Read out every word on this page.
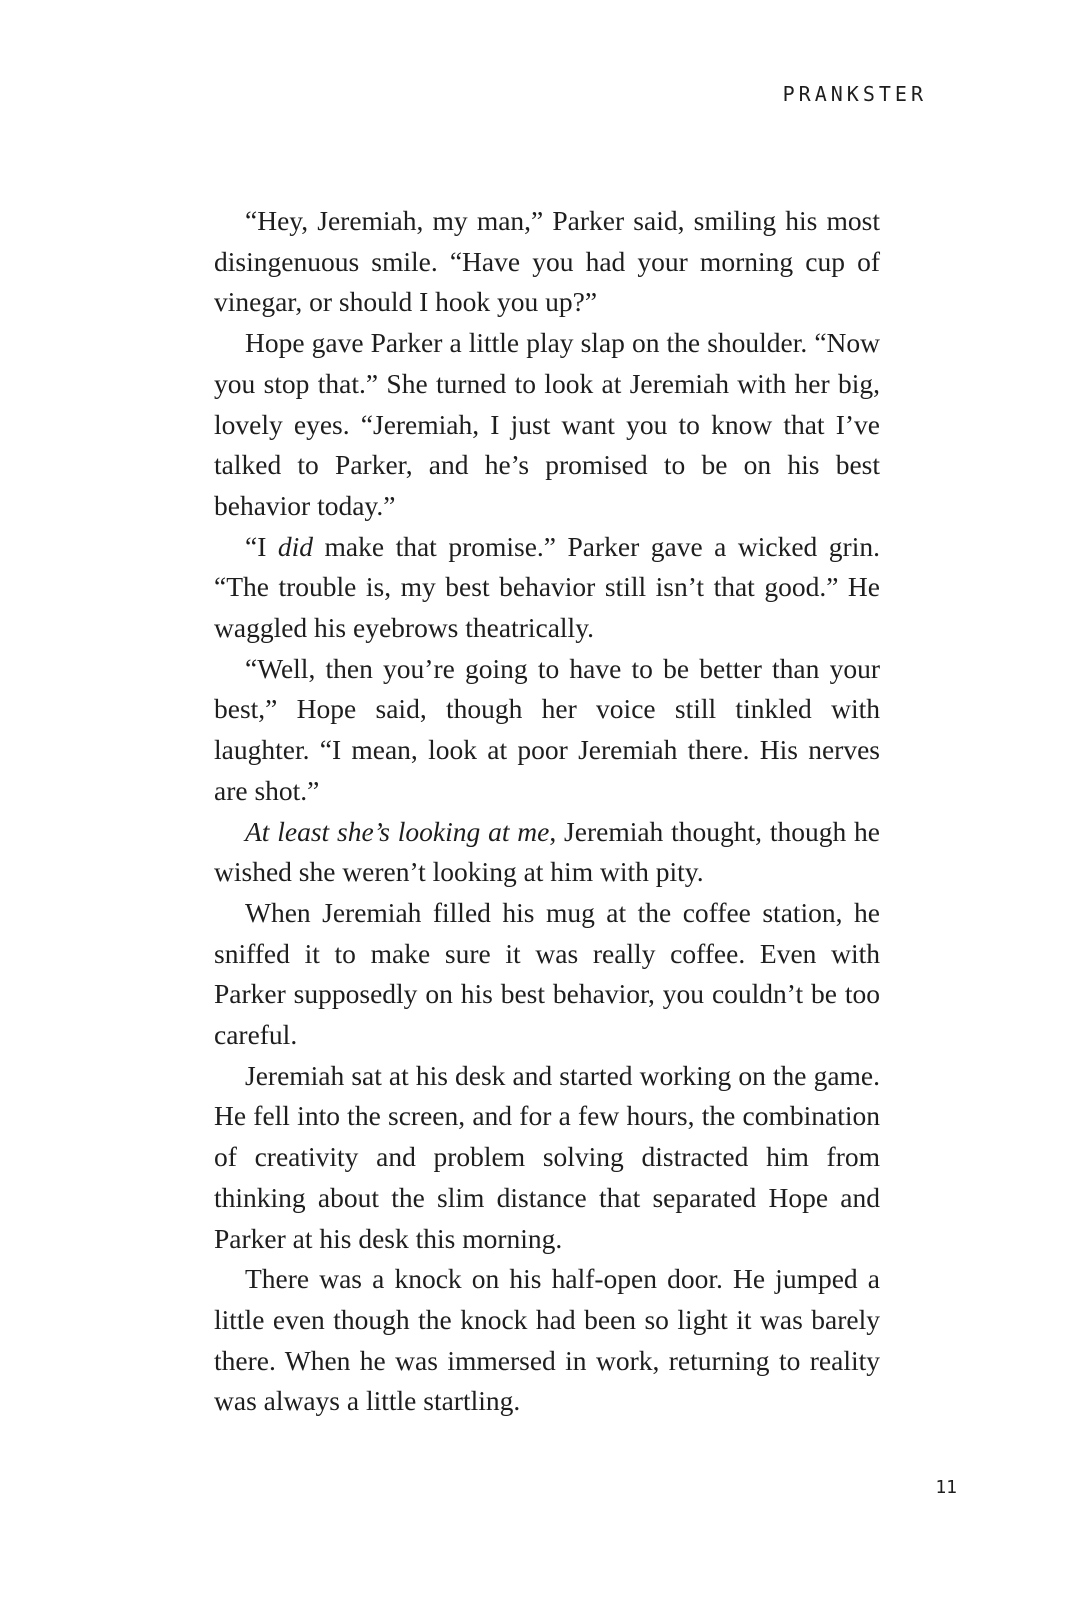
PRANKSTER

“Hey, Jeremiah, my man,” Parker said, smiling his most disingenuous smile. “Have you had your morning cup of vinegar, or should I hook you up?”

Hope gave Parker a little play slap on the shoulder. “Now you stop that.” She turned to look at Jeremiah with her big, lovely eyes. “Jeremiah, I just want you to know that I’ve talked to Parker, and he’s promised to be on his best behavior today.”

“I did make that promise.” Parker gave a wicked grin. “The trouble is, my best behavior still isn’t that good.” He waggled his eyebrows theatrically.

“Well, then you’re going to have to be better than your best,” Hope said, though her voice still tinkled with laughter. “I mean, look at poor Jeremiah there. His nerves are shot.”

At least she’s looking at me, Jeremiah thought, though he wished she weren’t looking at him with pity.

When Jeremiah filled his mug at the coffee station, he sniffed it to make sure it was really coffee. Even with Parker supposedly on his best behavior, you couldn’t be too careful.

Jeremiah sat at his desk and started working on the game. He fell into the screen, and for a few hours, the combination of creativity and problem solving distracted him from thinking about the slim distance that separated Hope and Parker at his desk this morning.

There was a knock on his half-open door. He jumped a little even though the knock had been so light it was barely there. When he was immersed in work, returning to reality was always a little startling.

11
